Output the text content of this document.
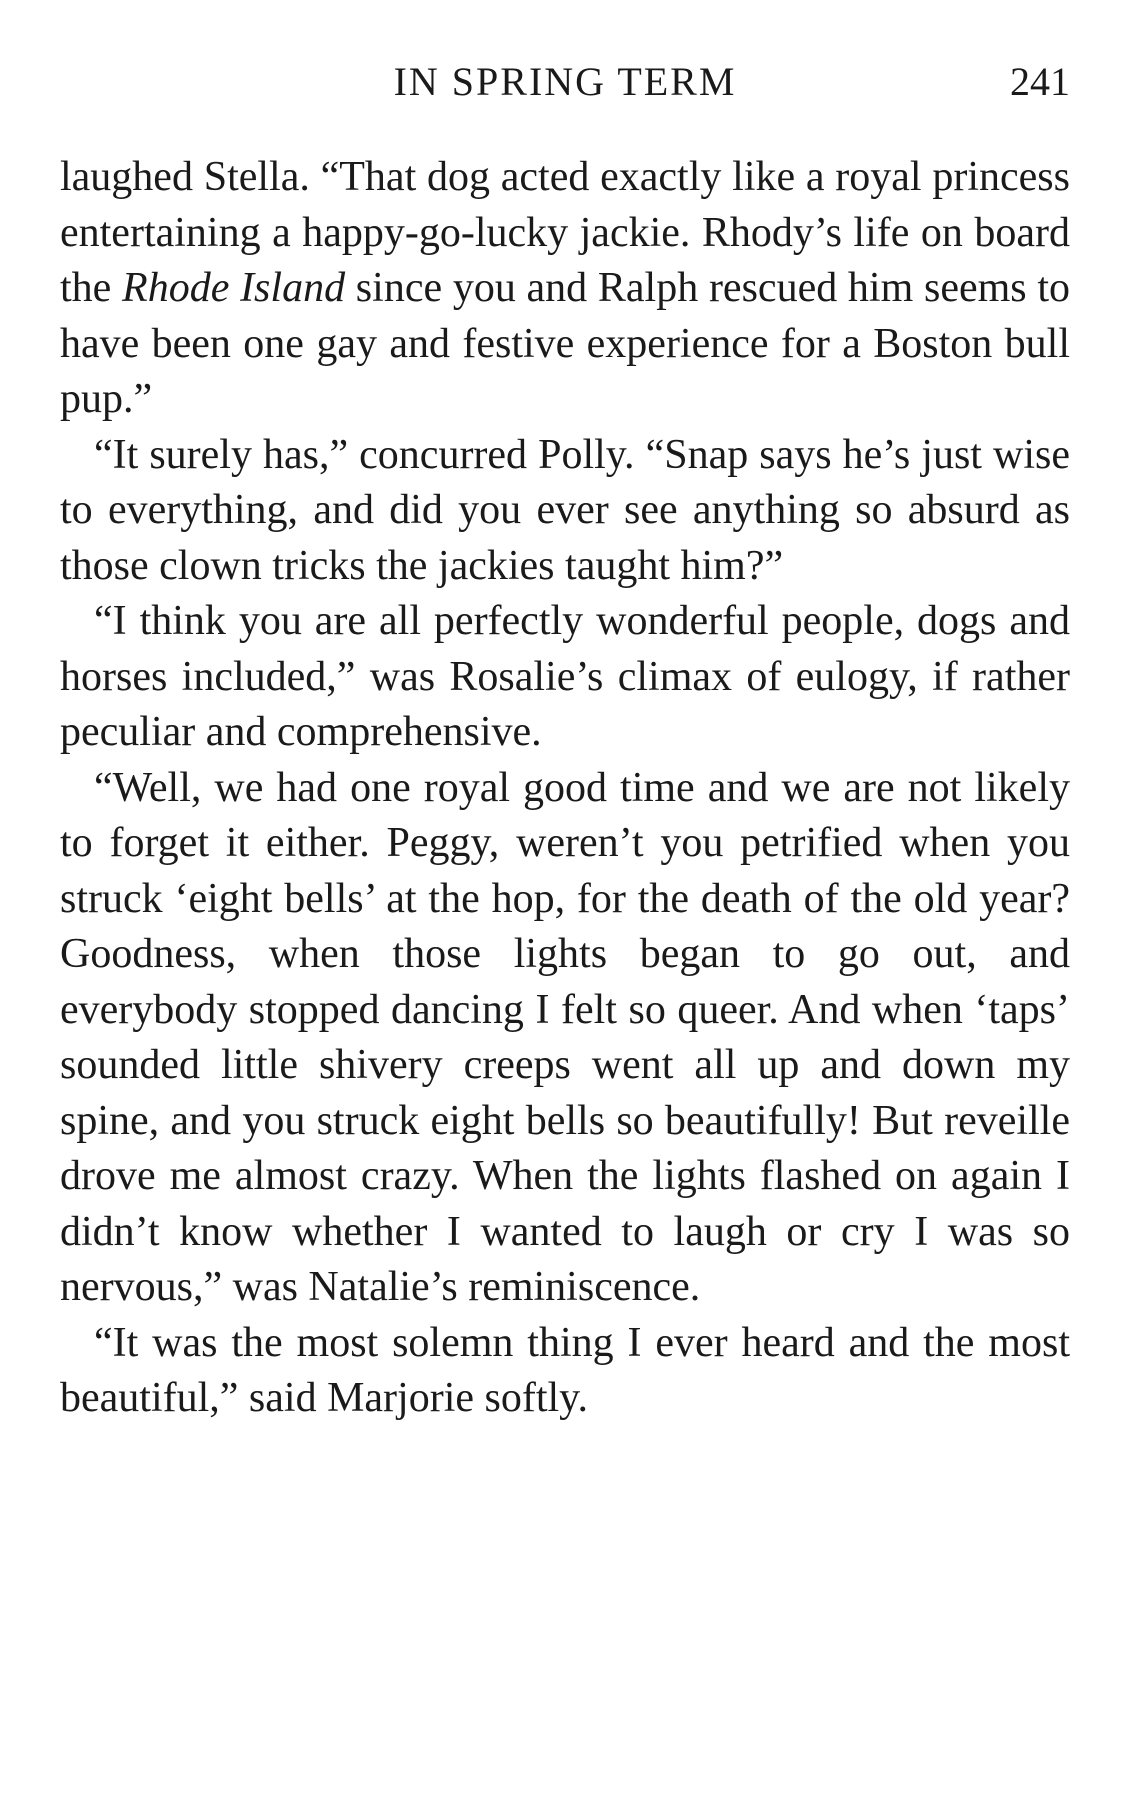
IN SPRING TERM	241

laughed Stella. “That dog acted exactly like a royal princess entertaining a happy-go-lucky jackie. Rhody’s life on board the Rhode Island since you and Ralph rescued him seems to have been one gay and festive experience for a Boston bull pup.”

“It surely has,” concurred Polly. “Snap says he’s just wise to everything, and did you ever see anything so absurd as those clown tricks the jackies taught him?”

“I think you are all perfectly wonderful people, dogs and horses included,” was Rosalie’s climax of eulogy, if rather peculiar and comprehensive.

“Well, we had one royal good time and we are not likely to forget it either. Peggy, weren’t you petrified when you struck ‘eight bells’ at the hop, for the death of the old year? Goodness, when those lights began to go out, and everybody stopped dancing I felt so queer. And when ‘taps’ sounded little shivery creeps went all up and down my spine, and you struck eight bells so beautifully! But reveille drove me almost crazy. When the lights flashed on again I didn’t know whether I wanted to laugh or cry I was so nervous,” was Natalie’s reminiscence.

“It was the most solemn thing I ever heard and the most beautiful,” said Marjorie softly.
